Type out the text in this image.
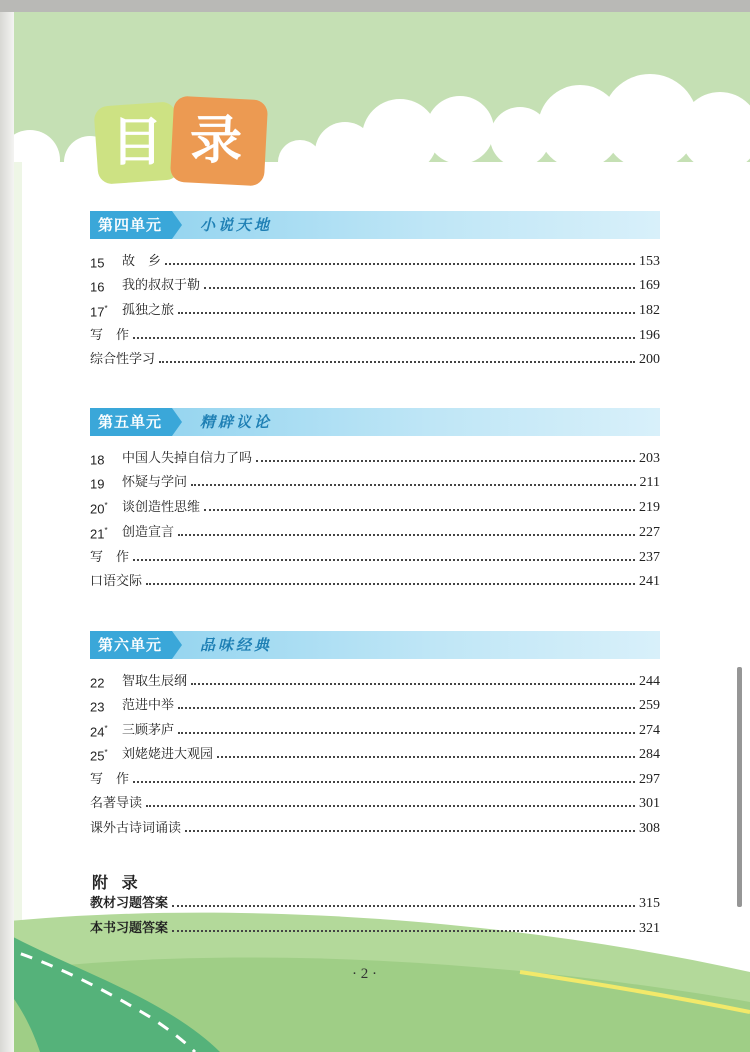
目 录
第四单元	小说天地
15	故　乡	153
16	我的叔叔于勒	169
17*	孤独之旅	182
写　作	196
综合性学习	200
第五单元	精辟议论
18	中国人失掉自信力了吗	203
19	怀疑与学问	211
20*	谈创造性思维	219
21*	创造宣言	227
写　作	237
口语交际	241
第六单元	品味经典
22	智取生辰纲	244
23	范进中举	259
24*	三顾茅庐	274
25*	刘姥姥进大观园	284
写　作	297
名著导读	301
课外古诗词诵读	308
附 录
教材习题答案	315
本书习题答案	321
· 2 ·
